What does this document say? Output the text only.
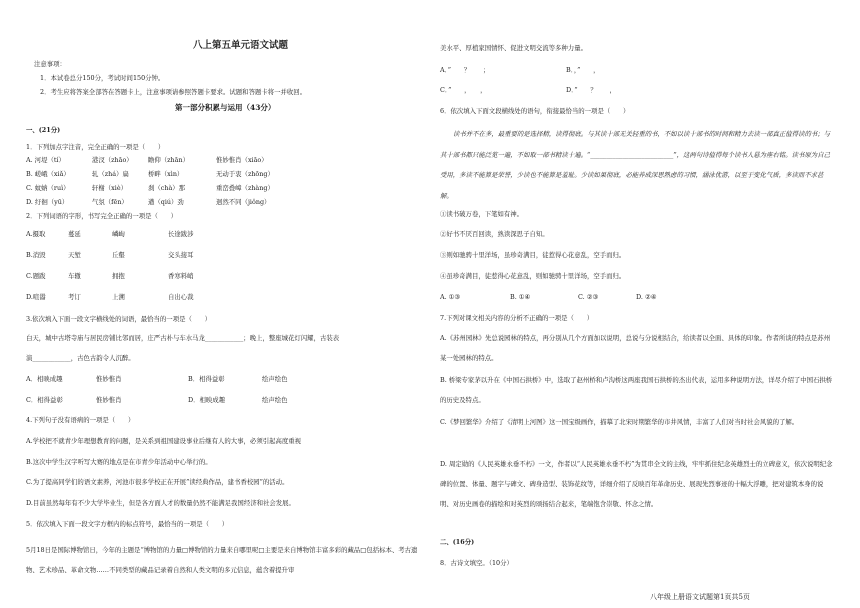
八上第五单元语文试题
注意事项：
1．本试卷总分150分，考试时间150分钟。
2．考生应将答案全部答在答题卡上，注意事项请参照答题卡要求。试题和答题卡将一并收回。
第一部分积累与运用（43分）
一、(21分)
1．下列加点字注音，完全正确的一项是（　　）
A. 河堤（tí）	港汊（zhāo） 瞻仰（zhān）	惟妙惟肖（xiāo）
B. 嵯峨（xiǎ）	轧（zhá）扁	桥畔（xìn）	无动于衷（zhōng）
C. 蚊蚋（ruì）	轩榭（xiè）	刹（chà）那	重峦叠嶂（zhàng）
D. 纡徊（yū）	气氛（fēn）	遒（qiú）劲	迥然不同（jiǒng）
2．下列词语的字形，书写完全正确的一项是（　　）
A.摄取	蔓延	嶙峋	长途跋涉
B.消毁	天堑	丘壑	交头接耳
C.题跋	车辙	拥抱	香寒料峭
D.喧嚣	考订	上溯	自出心裁
3.依次填入下面一段文字横线处的词语，最恰当的一项是（　　）
白天，城中古塔寺庙与居民房铺比邻而居，庄严古朴与车水马龙____________；晚上，整座城花灯闪耀，古装表
演____________，古色古韵令人沉醉。
A．相映成趣	惟妙惟肖	B．相得益彰	绘声绘色
C．相得益彰	惟妙惟肖	D．相映成趣	绘声绘色
4.下列句子没有语病的一项是（　　）
A.学校把不就青少年理想教育的问题，是关系到祖国建设事业后继有人的大事，必须引起高度重视
B.这次中学生汉字听写大赛的地点是在市青少年活动中心举行的。
C.为了提高同学们的语文素养，河池市很多学校正在开展”读经典作品，建书香校园”的活动。
D.目前虽然每年有不少大学毕业生，但是各方面人才的数量仍然不能满足我国经济和社会发展。
5．依次填入下面一段文字方框内的标点符号，最恰当的一项是（　　）
5月18日是国际博物馆日，今年的主题是“博物馆的力量□博物馆的力量来自哪里呢□主要是来自博物馆丰富多彩的藏品□包括标本、考古遗物、艺术珍品、革命文物……不同类型的藏品记录着自然和人类文明的多元信息，蕴含着提升审
美水平、厚植家国情怀、促进文明交流等多种力量。
A．”　　？　　；	B．，”　　，
C．”　　，　　，	D．”　　？　　，
6．依次填入下面文段横线处的语句，衔接最恰当的一项是（　　）
读书并不在多，最重要的是选择精，读得彻底。与其读十部无关轻重的书，不如以读十部书的时间和精力去读一部真正值得读的书；与其十部书都只能泛览一遍，不如取一部书精读十遍。“__________________________”，这两句诗值得每个读书人悬为座右铭。读书原为自己受用，多读不能算是荣誉，少读也不能算是羞耻。少读如果彻底，必能养成深思熟虑的习惯，涵泳优游，以至于变化气质，多读而不求甚解。
①读书破万卷，下笔如有神。
②好书不厌百回读，熟读深思子自知。
③则如驰骋十里洋场，虽珍奇满目，徒惹得心花意乱，空手而归。
④虽珍奇满目，徒惹得心花意乱，则如驰骋十里洋场，空手而归。
A. ①③	B. ①④	C. ②③	D. ②④
7.下列对课文相关内容的分析不正确的一项是（　　）
A.《苏州园林》先总说园林的特点，再分别从几个方面加以说明，总说与分说相结合，给读者以全面、具体的印象。作者所谈的特点是苏州某一处园林的特点。
B. 桥梁专家茅以升在《中国石拱桥》中，选取了赵州桥和卢沟桥这两座我国石拱桥的杰出代表，运用多种说明方法，详尽介绍了中国石拱桥的历史及特点。
C.《梦回繁华》介绍了《清明上河图》这一国宝级画作，描摹了北宋时期繁华的市井风情，丰富了人们对当时社会风貌的了解。
D. 周定勋的《人民英雄永垂不朽》一文，作者以“人民英雄永垂不朽”为贯串全文的主线，牢牢抓住纪念英雄烈士的立碑意义，依次说明纪念碑的位置、体量、题字与碑文、碑身造型、装饰花纹等，详细介绍了反映百年革命历史、展现先烈事迹的十幅大浮雕，把对建筑本身的说明、对历史画卷的描绘和对英烈的颂扬结合起来，笔端饱含崇敬、怀念之情。
二、(16分)
8．古诗文填空。（10分）
八年级上册语文试题第1页共5页
